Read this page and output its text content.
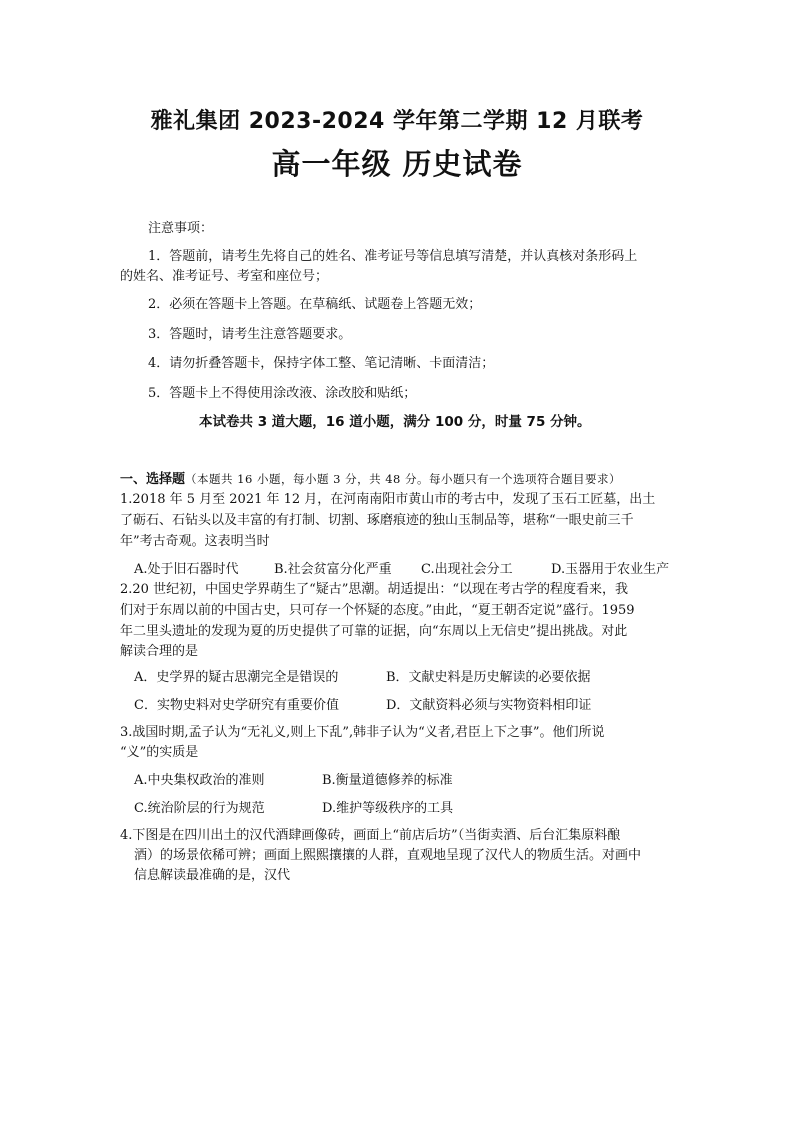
雅礼集团 2023-2024 学年第二学期 12 月联考
高一年级 历史试卷
注意事项：
1．答题前，请考生先将自己的姓名、准考证号等信息填写清楚，并认真核对条形码上
的姓名、准考证号、考室和座位号；
2．必须在答题卡上答题。在草稿纸、试题卷上答题无效；
3．答题时，请考生注意答题要求。
4．请勿折叠答题卡，保持字体工整、笔记清晰、卡面清洁；
5．答题卡上不得使用涂改液、涂改胶和贴纸；
本试卷共 3 道大题，16 道小题，满分 100 分，时量 75 分钟。
一、选择题（本题共 16 小题，每小题 3 分，共 48 分。每小题只有一个选项符合题目要求）
1.2018 年 5 月至 2021 年 12 月，在河南南阳市黄山市的考古中，发现了玉石工匠墓，出土
了砺石、石钻头以及丰富的有打制、切割、琢磨痕迹的独山玉制品等，堪称“一眼史前三千
年”考古奇观。这表明当时
A.处于旧石器时代	B.社会贫富分化严重 C.出现社会分工	D.玉器用于农业生产
2.20 世纪初，中国史学界萌生了“疑古”思潮。胡适提出：“以现在考古学的程度看来，我
们对于东周以前的中国古史，只可存一个怀疑的态度。”由此，“夏王朝否定说”盛行。1959
年二里头遗址的发现为夏的历史提供了可靠的证据，向“东周以上无信史”提出挑战。对此
解读合理的是
A．史学界的疑古思潮完全是错误的	B．文献史料是历史解读的必要依据
C．实物史料对史学研究有重要价值	D．文献资料必须与实物资料相印证
3.战国时期,孟子认为“无礼义,则上下乱”,韩非子认为“义者,君臣上下之事”。他们所说
“义”的实质是
A.中央集权政治的准则	B.衡量道德修养的标准
C.统治阶层的行为规范	D.维护等级秩序的工具
4.下图是在四川出土的汉代酒肆画像砖，画面上“前店后坊”（当街卖酒、后台汇集原料酿
酒）的场景依稀可辨；画面上熙熙攘攘的人群，直观地呈现了汉代人的物质生活。对画中
信息解读最准确的是，汉代
